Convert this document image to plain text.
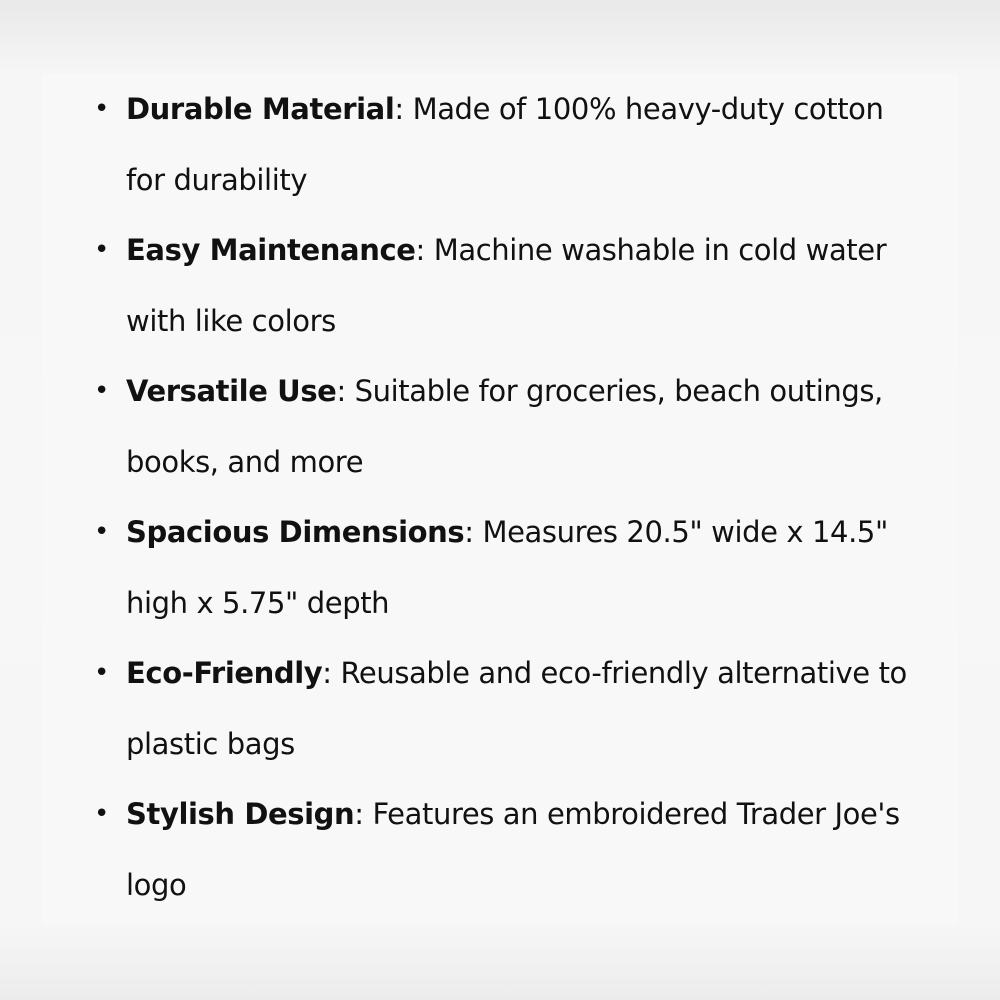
• Durable Material: Made of 100% heavy-duty cotton for durability
• Easy Maintenance: Machine washable in cold water with like colors
• Versatile Use: Suitable for groceries, beach outings, books, and more
• Spacious Dimensions: Measures 20.5" wide x 14.5" high x 5.75" depth
• Eco-Friendly: Reusable and eco-friendly alternative to plastic bags
• Stylish Design: Features an embroidered Trader Joe's logo
